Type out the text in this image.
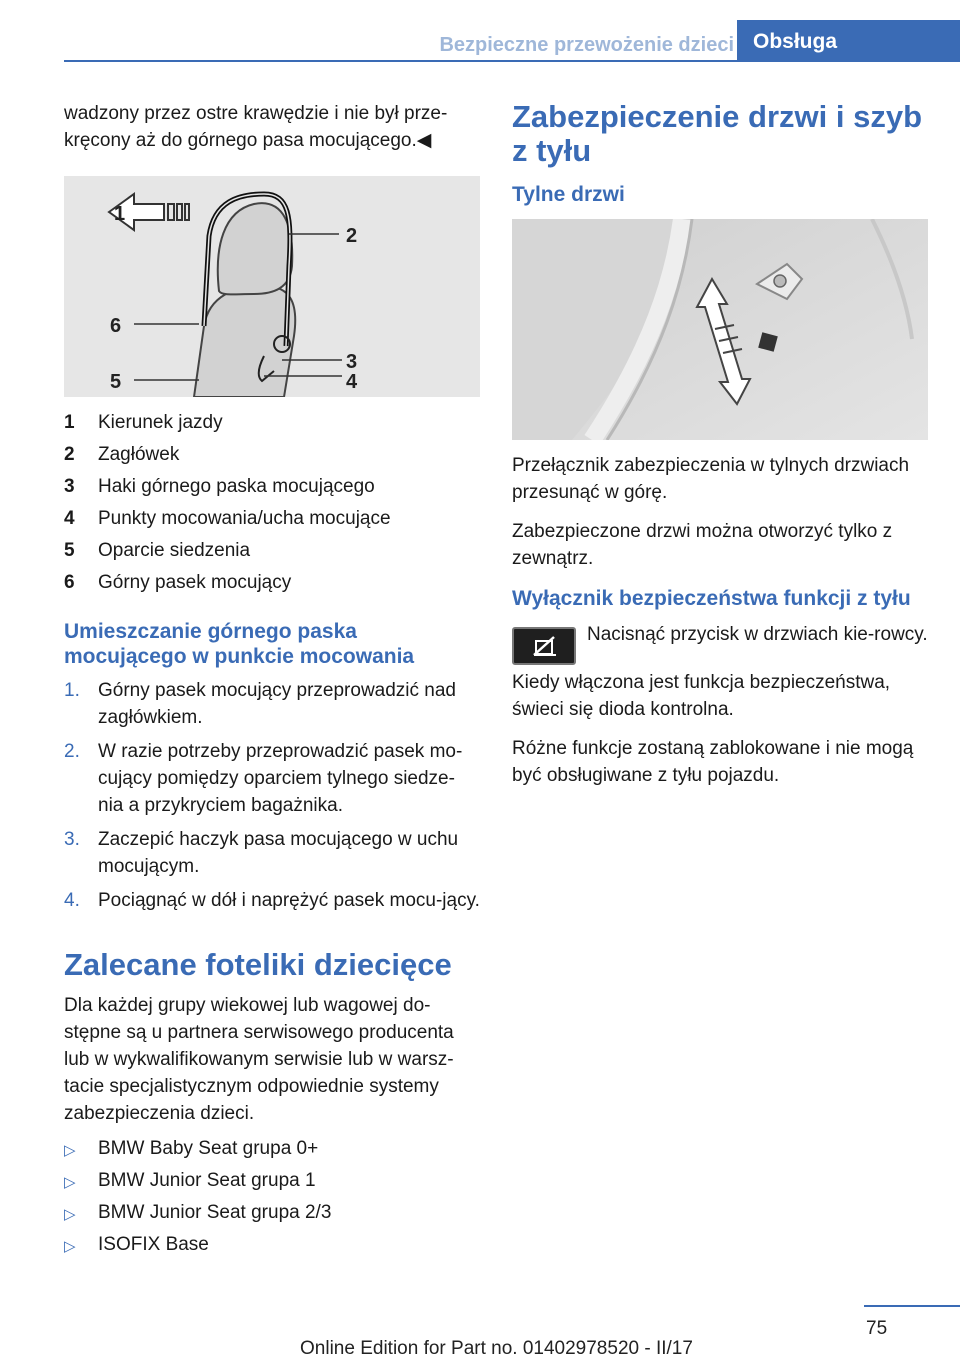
Bezpieczne przewożenie dzieci Obsługa

wadzony przez ostre krawędzie i nie był prze-kręcony aż do górnego pasa mocującego.◀

1
2
3
4
5
6
1	Kierunek jazdy
2	Zagłówek
3	Haki górnego paska mocującego
4	Punkty mocowania/ucha mocujące
5	Oparcie siedzenia
6	Górny pasek mocujący
Umieszczanie górnego paska mocującego w punkcie mocowania
1. Górny pasek mocujący przeprowadzić nad zagłówkiem.
2. W razie potrzeby przeprowadzić pasek mo-cujący pomiędzy oparciem tylnego siedze-nia a przykryciem bagażnika.
3. Zaczepić haczyk pasa mocującego w uchu mocującym.
4. Pociągnąć w dół i naprężyć pasek mocu-jący.
Zalecane foteliki dziecięce

Dla każdej grupy wiekowej lub wagowej do-stępne są u partnera serwisowego producenta lub w wykwalifikowanym serwisie lub w warsz-tacie specjalistycznym odpowiednie systemy zabezpieczenia dzieci.

▷	BMW Baby Seat grupa 0+
▷	BMW Junior Seat grupa 1
▷	BMW Junior Seat grupa 2/3
▷	ISOFIX Base
Zabezpieczenie drzwi i szyb z tyłu
Tylne drzwi

Przełącznik zabezpieczenia w tylnych drzwiach przesunąć w górę.

Zabezpieczone drzwi można otworzyć tylko z zewnątrz.

Wyłącznik bezpieczeństwa funkcji z tyłu

Nacisnąć przycisk w drzwiach kie-rowcy.

Kiedy włączona jest funkcja bezpieczeństwa, świeci się dioda kontrolna.

Różne funkcje zostaną zablokowane i nie mogą być obsługiwane z tyłu pojazdu.

75
Online Edition for Part no. 01402978520 - II/17
